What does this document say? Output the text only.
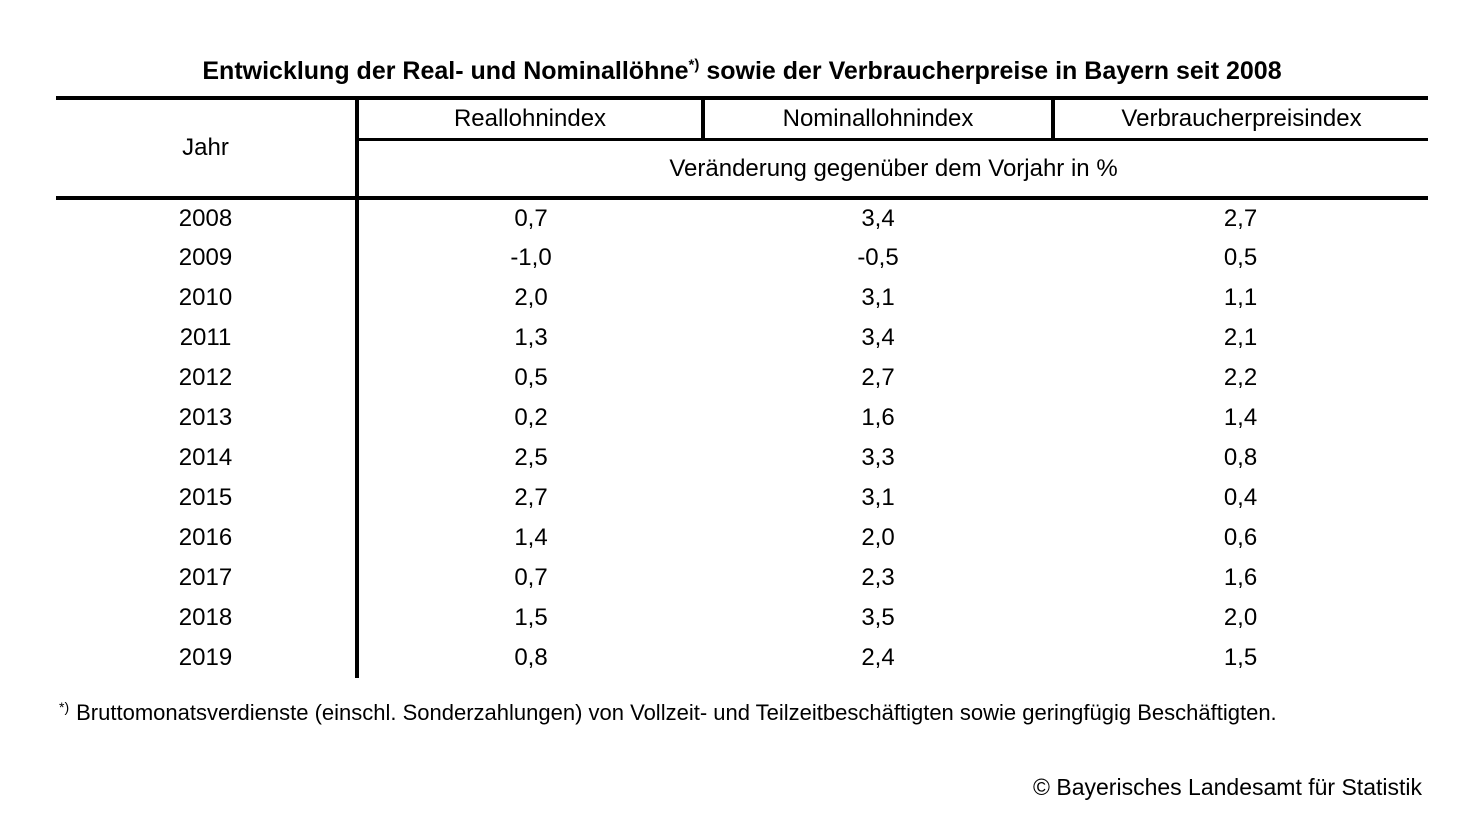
Entwicklung der Real- und Nominallöhne*) sowie der Verbraucherpreise in Bayern seit 2008
Jahr	Reallohnindex	Nominallohnindex	Verbraucherpreisindex
	Veränderung gegenüber dem Vorjahr in %		
2008	0,7	3,4	2,7
2009	-1,0	-0,5	0,5
2010	2,0	3,1	1,1
2011	1,3	3,4	2,1
2012	0,5	2,7	2,2
2013	0,2	1,6	1,4
2014	2,5	3,3	0,8
2015	2,7	3,1	0,4
2016	1,4	2,0	0,6
2017	0,7	2,3	1,6
2018	1,5	3,5	2,0
2019	0,8	2,4	1,5
*) Bruttomonatsverdienste (einschl. Sonderzahlungen) von Vollzeit- und Teilzeitbeschäftigten sowie geringfügig Beschäftigten.
© Bayerisches Landesamt für Statistik
